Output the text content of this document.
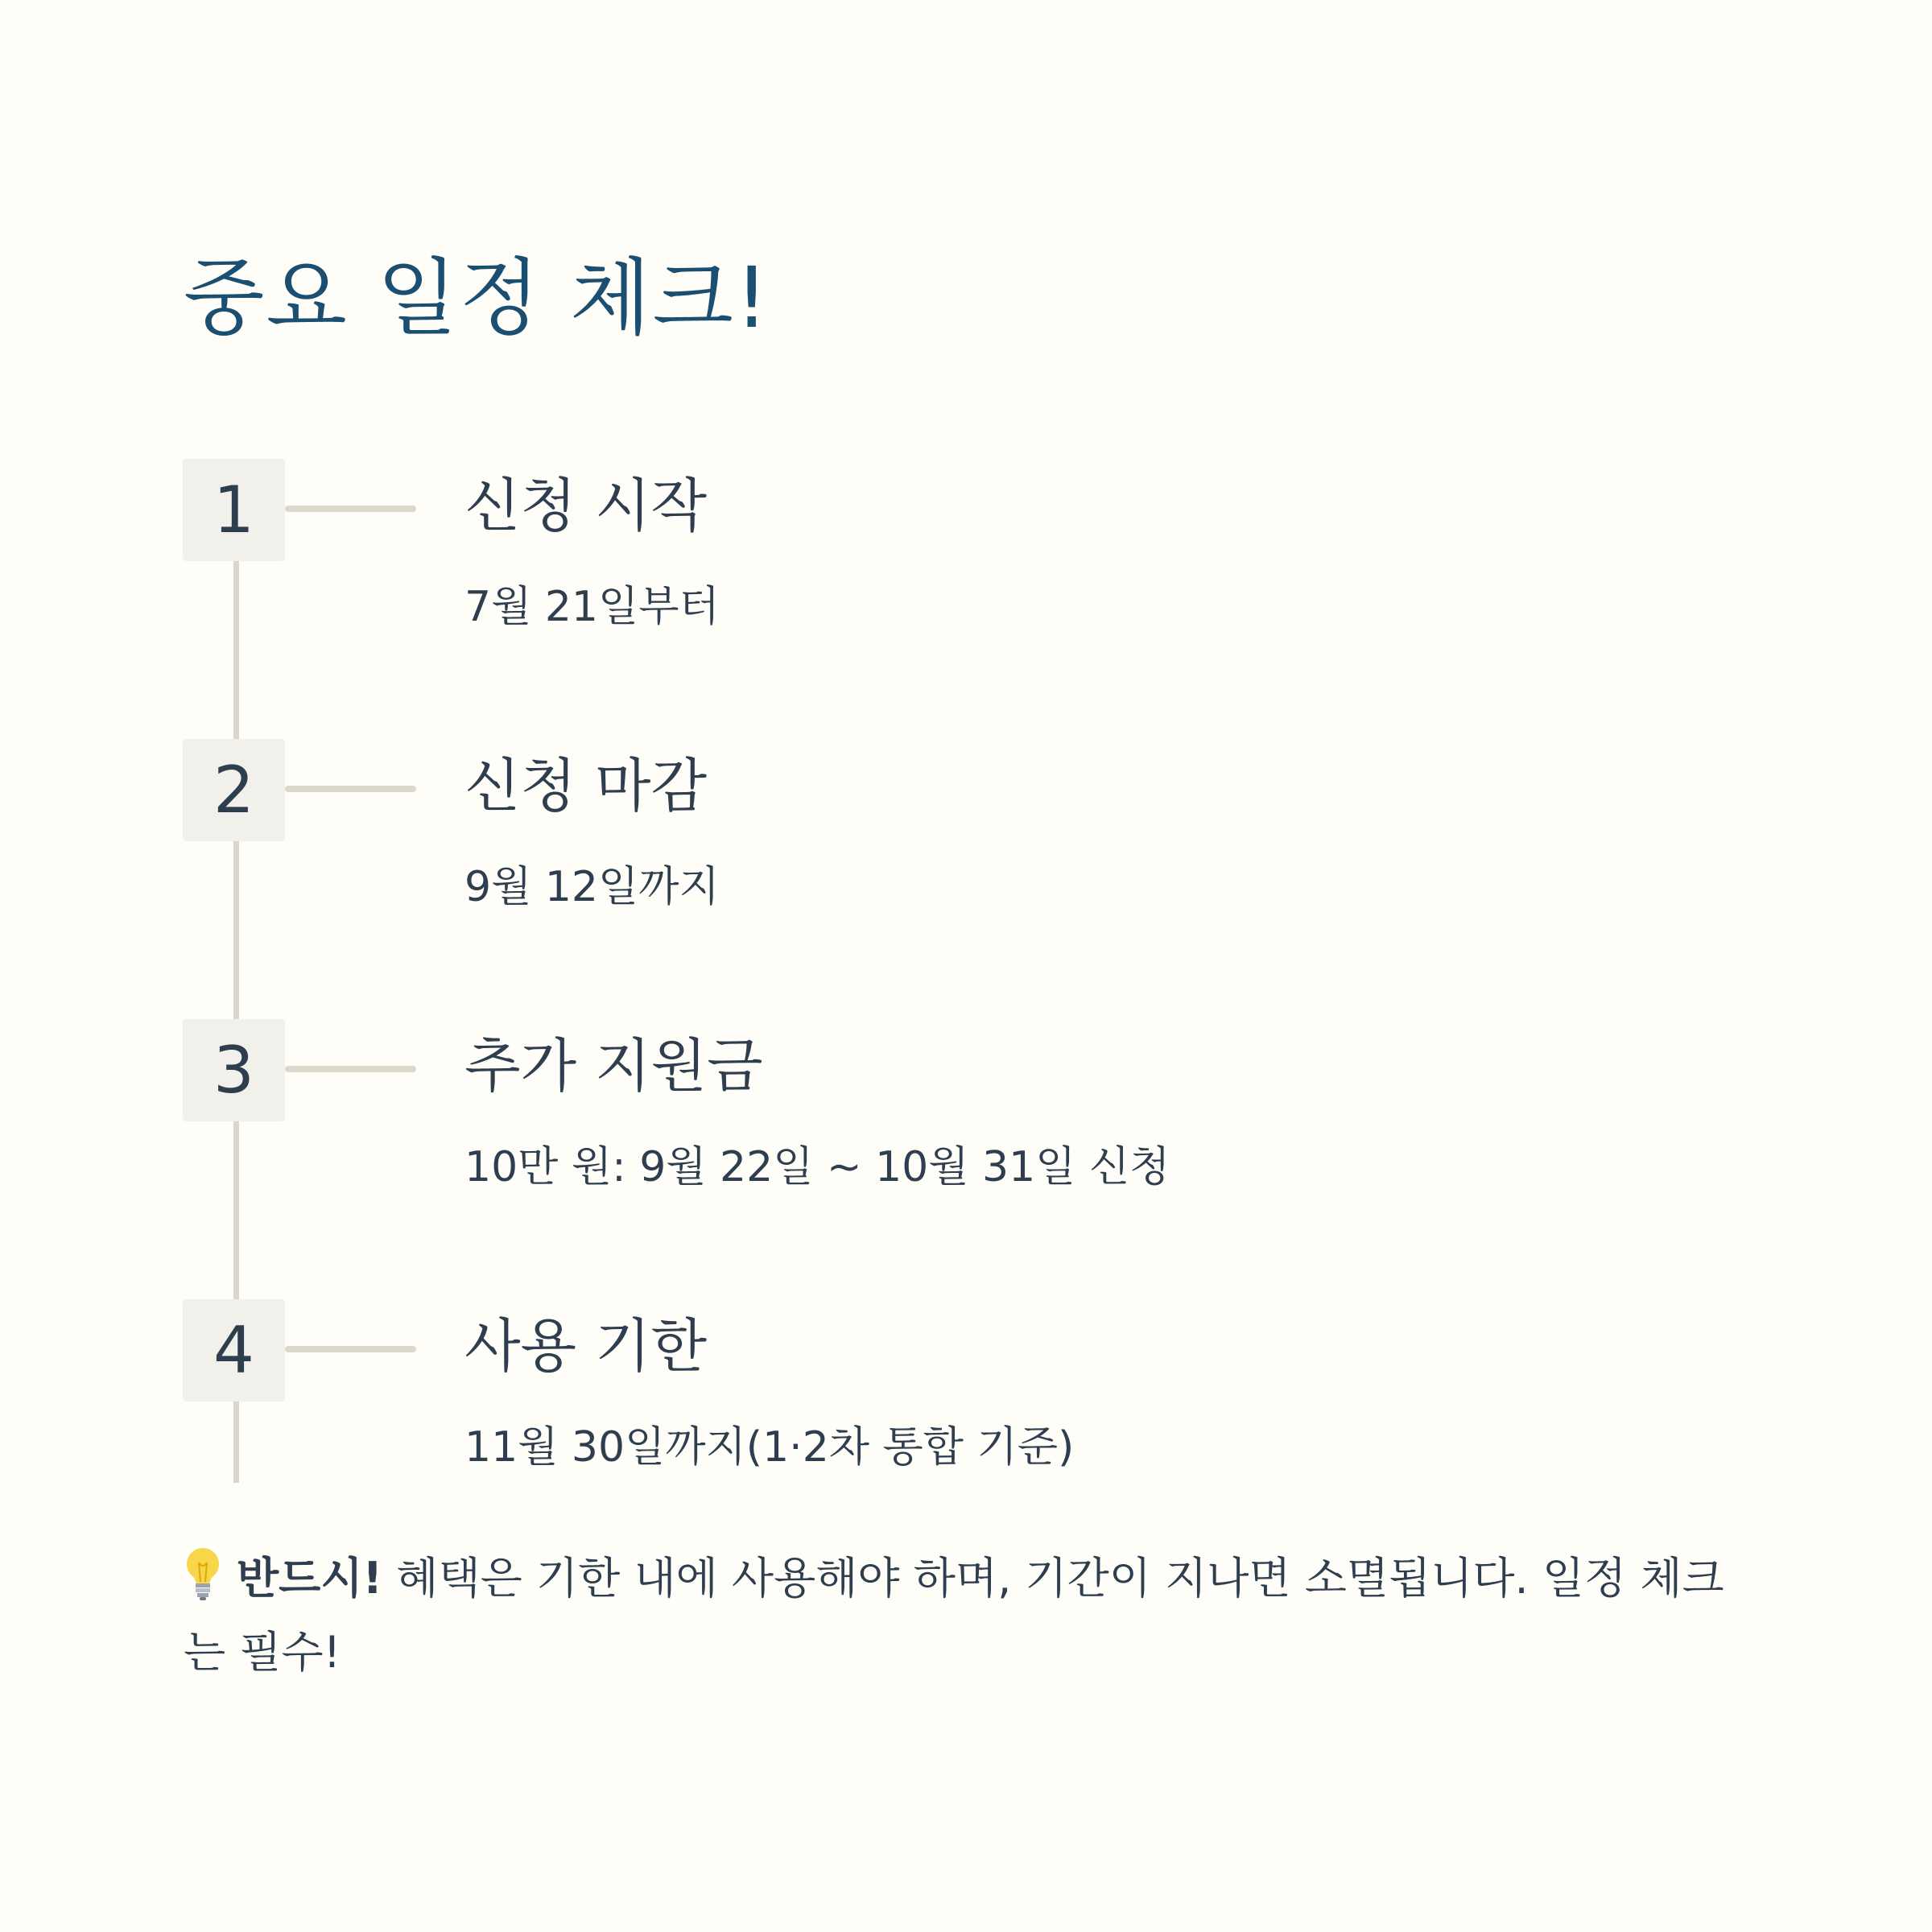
중요 일정 체크!
1	신청 시작
7월 21일부터
2	신청 마감
9월 12일까지
3	추가 지원금
10만 원: 9월 22일 ~ 10월 31일 신청
4	사용 기한
11월 30일까지(1·2차 통합 기준)
반드시! 혜택은 기한 내에 사용해야 하며, 기간이 지나면 소멸됩니다. 일정 체크는 필수!
